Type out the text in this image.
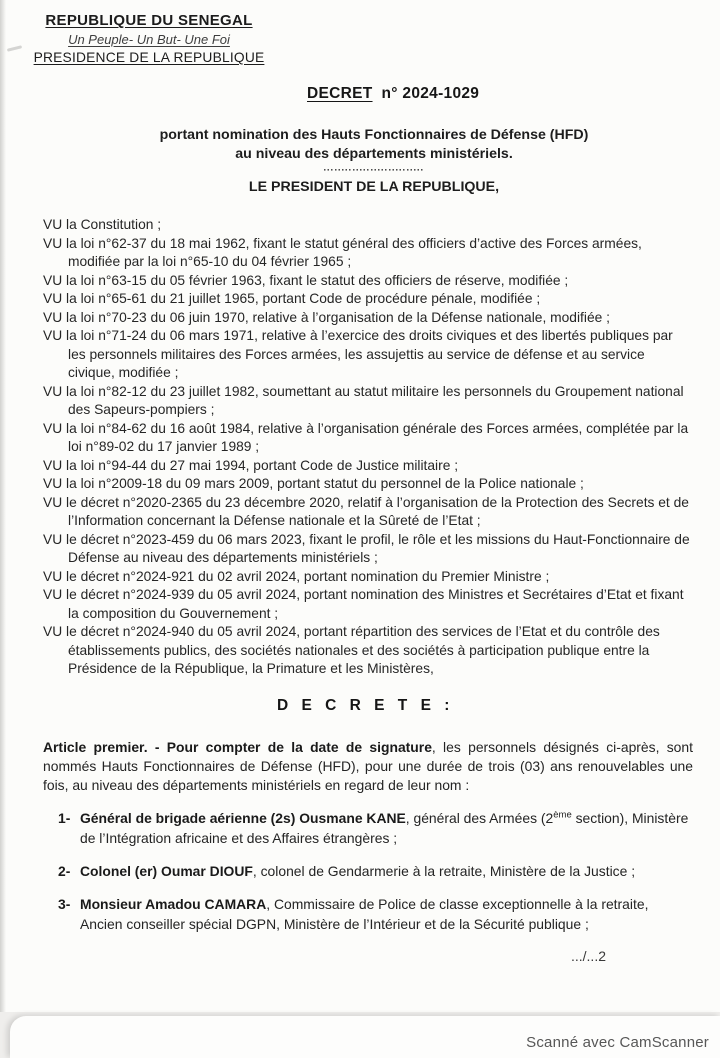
REPUBLIQUE DU SENEGAL
Un Peuple- Un But- Une Foi
PRESIDENCE DE LA REPUBLIQUE
DECRET n° 2024-1029
portant nomination des Hauts Fonctionnaires de Défense (HFD)
au niveau des départements ministériels.
LE PRESIDENT DE LA REPUBLIQUE,
VU la Constitution ;
VU la loi n°62-37 du 18 mai 1962, fixant le statut général des officiers d’active des Forces armées, modifiée par la loi n°65-10 du 04 février 1965 ;
VU la loi n°63-15 du 05 février 1963, fixant le statut des officiers de réserve, modifiée ;
VU la loi n°65-61 du 21 juillet 1965, portant Code de procédure pénale, modifiée ;
VU la loi n°70-23 du 06 juin 1970, relative à l’organisation de la Défense nationale, modifiée ;
VU la loi n°71-24 du 06 mars 1971, relative à l’exercice des droits civiques et des libertés publiques par les personnels militaires des Forces armées, les assujettis au service de défense et au service civique, modifiée ;
VU la loi n°82-12 du 23 juillet 1982, soumettant au statut militaire les personnels du Groupement national des Sapeurs-pompiers ;
VU la loi n°84-62 du 16 août 1984, relative à l’organisation générale des Forces armées, complétée par la loi n°89-02 du 17 janvier 1989 ;
VU la loi n°94-44 du 27 mai 1994, portant Code de Justice militaire ;
VU la loi n°2009-18 du 09 mars 2009, portant statut du personnel de la Police nationale ;
VU le décret n°2020-2365 du 23 décembre 2020, relatif à l’organisation de la Protection des Secrets et de l’Information concernant la Défense nationale et la Sûreté de l’Etat ;
VU le décret n°2023-459 du 06 mars 2023, fixant le profil, le rôle et les missions du Haut-Fonctionnaire de Défense au niveau des départements ministériels ;
VU le décret n°2024-921 du 02 avril 2024, portant nomination du Premier Ministre ;
VU le décret n°2024-939 du 05 avril 2024, portant nomination des Ministres et Secrétaires d’Etat et fixant la composition du Gouvernement ;
VU le décret n°2024-940 du 05 avril 2024, portant répartition des services de l’Etat et du contrôle des établissements publics, des sociétés nationales et des sociétés à participation publique entre la Présidence de la République, la Primature et les Ministères,
D E C R E T E :
Article premier. - Pour compter de la date de signature, les personnels désignés ci-après, sont nommés Hauts Fonctionnaires de Défense (HFD), pour une durée de trois (03) ans renouvelables une fois, au niveau des départements ministériels en regard de leur nom :
1- Général de brigade aérienne (2s) Ousmane KANE, général des Armées (2ème section), Ministère de l’Intégration africaine et des Affaires étrangères ;
2- Colonel (er) Oumar DIOUF, colonel de Gendarmerie à la retraite, Ministère de la Justice ;
3- Monsieur Amadou CAMARA, Commissaire de Police de classe exceptionnelle à la retraite, Ancien conseiller spécial DGPN, Ministère de l’Intérieur et de la Sécurité publique ;
.../...2
Scanné avec CamScanner
